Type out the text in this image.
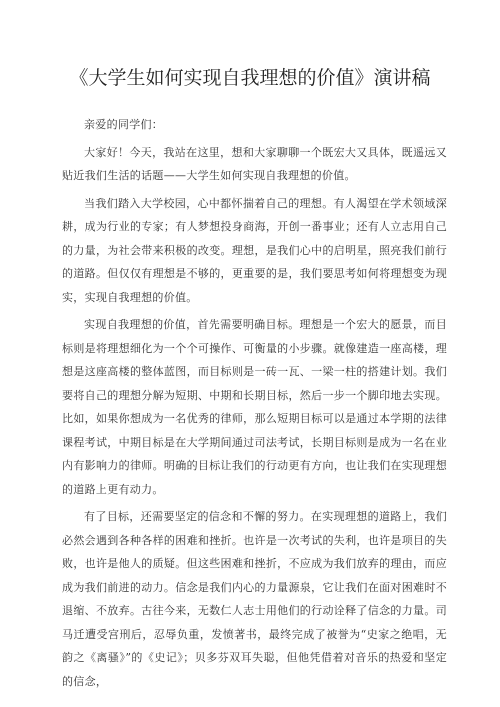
《大学生如何实现自我理想的价值》演讲稿

亲爱的同学们：

大家好！今天，我站在这里，想和大家聊聊一个既宏大又具体，既遥远又贴近我们生活的话题——大学生如何实现自我理想的价值。

当我们踏入大学校园，心中都怀揣着自己的理想。有人渴望在学术领域深耕，成为行业的专家；有人梦想投身商海，开创一番事业；还有人立志用自己的力量，为社会带来积极的改变。理想，是我们心中的启明星，照亮我们前行的道路。但仅仅有理想是不够的，更重要的是，我们要思考如何将理想变为现实，实现自我理想的价值。

实现自我理想的价值，首先需要明确目标。理想是一个宏大的愿景，而目标则是将理想细化为一个个可操作、可衡量的小步骤。就像建造一座高楼，理想是这座高楼的整体蓝图，而目标则是一砖一瓦、一梁一柱的搭建计划。我们要将自己的理想分解为短期、中期和长期目标，然后一步一个脚印地去实现。比如，如果你想成为一名优秀的律师，那么短期目标可以是通过本学期的法律课程考试，中期目标是在大学期间通过司法考试，长期目标则是成为一名在业内有影响力的律师。明确的目标让我们的行动更有方向，也让我们在实现理想的道路上更有动力。

有了目标，还需要坚定的信念和不懈的努力。在实现理想的道路上，我们必然会遇到各种各样的困难和挫折。也许是一次考试的失利，也许是项目的失败，也许是他人的质疑。但这些困难和挫折，不应成为我们放弃的理由，而应成为我们前进的动力。信念是我们内心的力量源泉，它让我们在面对困难时不退缩、不放弃。古往今来，无数仁人志士用他们的行动诠释了信念的力量。司马迁遭受宫刑后，忍辱负重，发愤著书，最终完成了被誉为“史家之绝唱，无韵之《离骚》”的《史记》；贝多芬双耳失聪，但他凭借着对音乐的热爱和坚定的信念，
